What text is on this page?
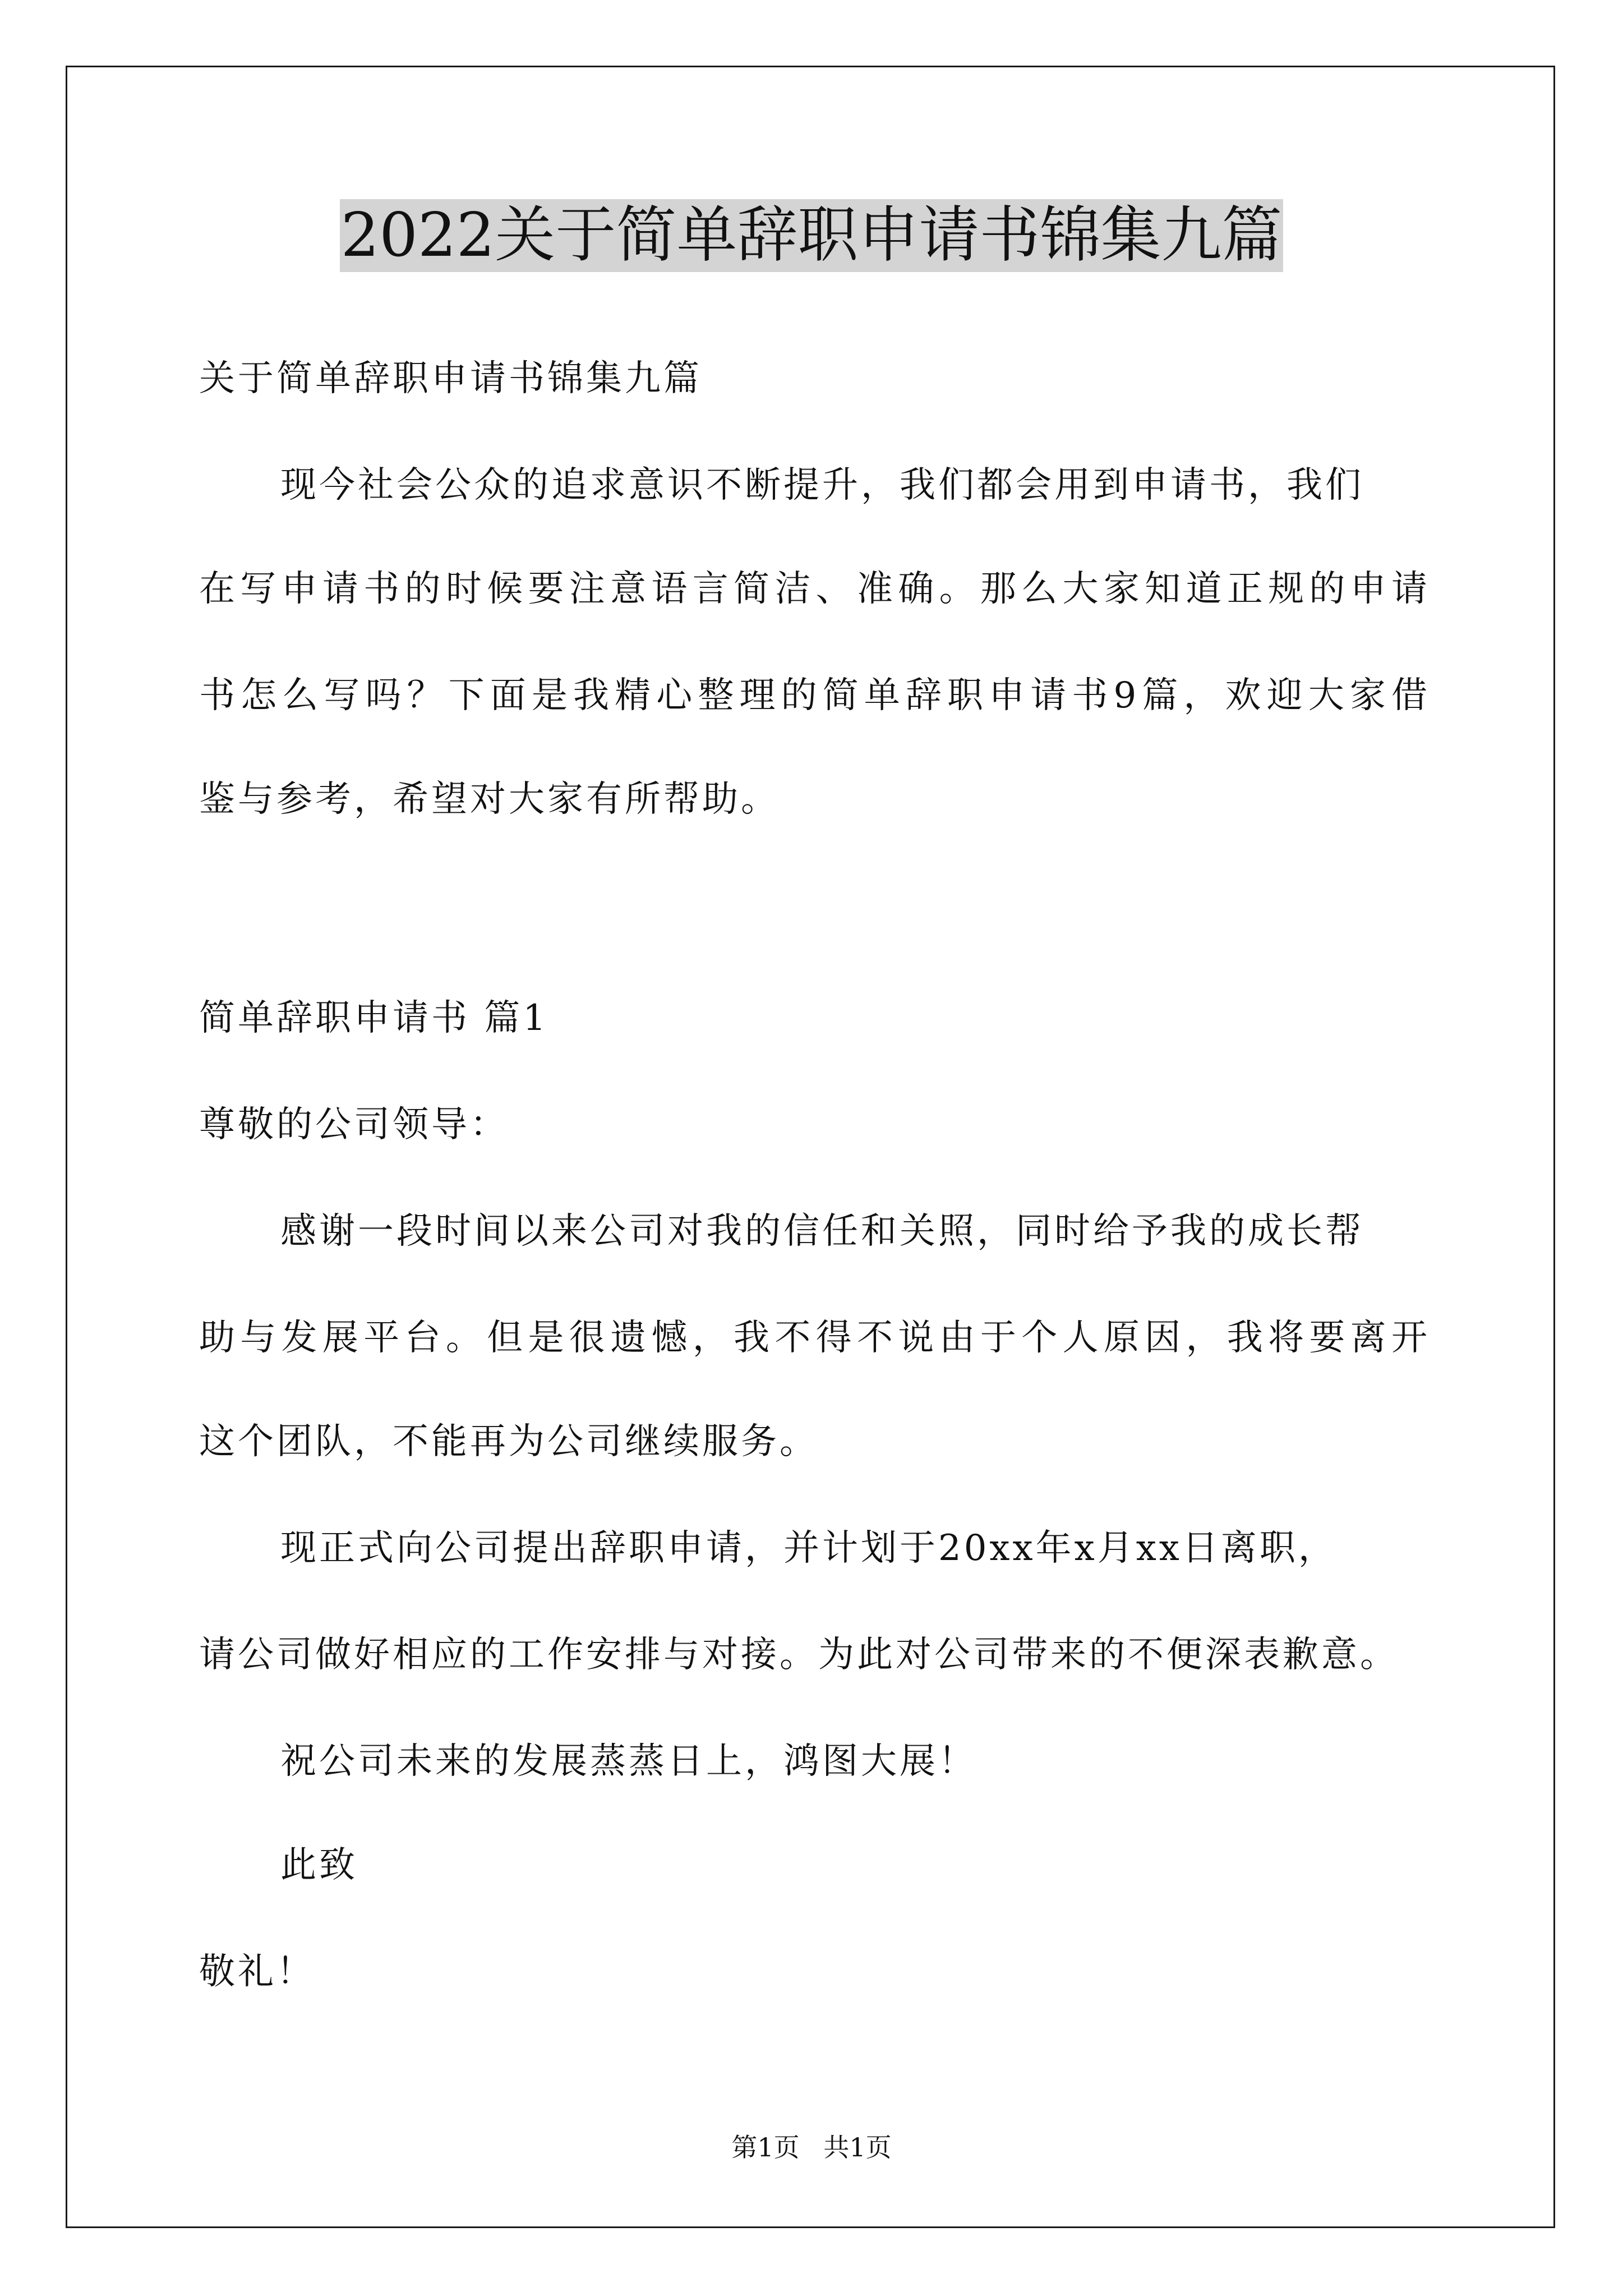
2022关于简单辞职申请书锦集九篇
关于简单辞职申请书锦集九篇
现今社会公众的追求意识不断提升，我们都会用到申请书，我们
在写申请书的时候要注意语言简洁、准确。那么大家知道正规的申请
书怎么写吗？下面是我精心整理的简单辞职申请书9篇，欢迎大家借
鉴与参考，希望对大家有所帮助。
简单辞职申请书 篇1
尊敬的公司领导：
感谢一段时间以来公司对我的信任和关照，同时给予我的成长帮
助与发展平台。但是很遗憾，我不得不说由于个人原因，我将要离开
这个团队，不能再为公司继续服务。
现正式向公司提出辞职申请，并计划于20xx年x月xx日离职，
请公司做好相应的工作安排与对接。为此对公司带来的不便深表歉意。
祝公司未来的发展蒸蒸日上，鸿图大展！
此致
敬礼！
第1页 共1页
